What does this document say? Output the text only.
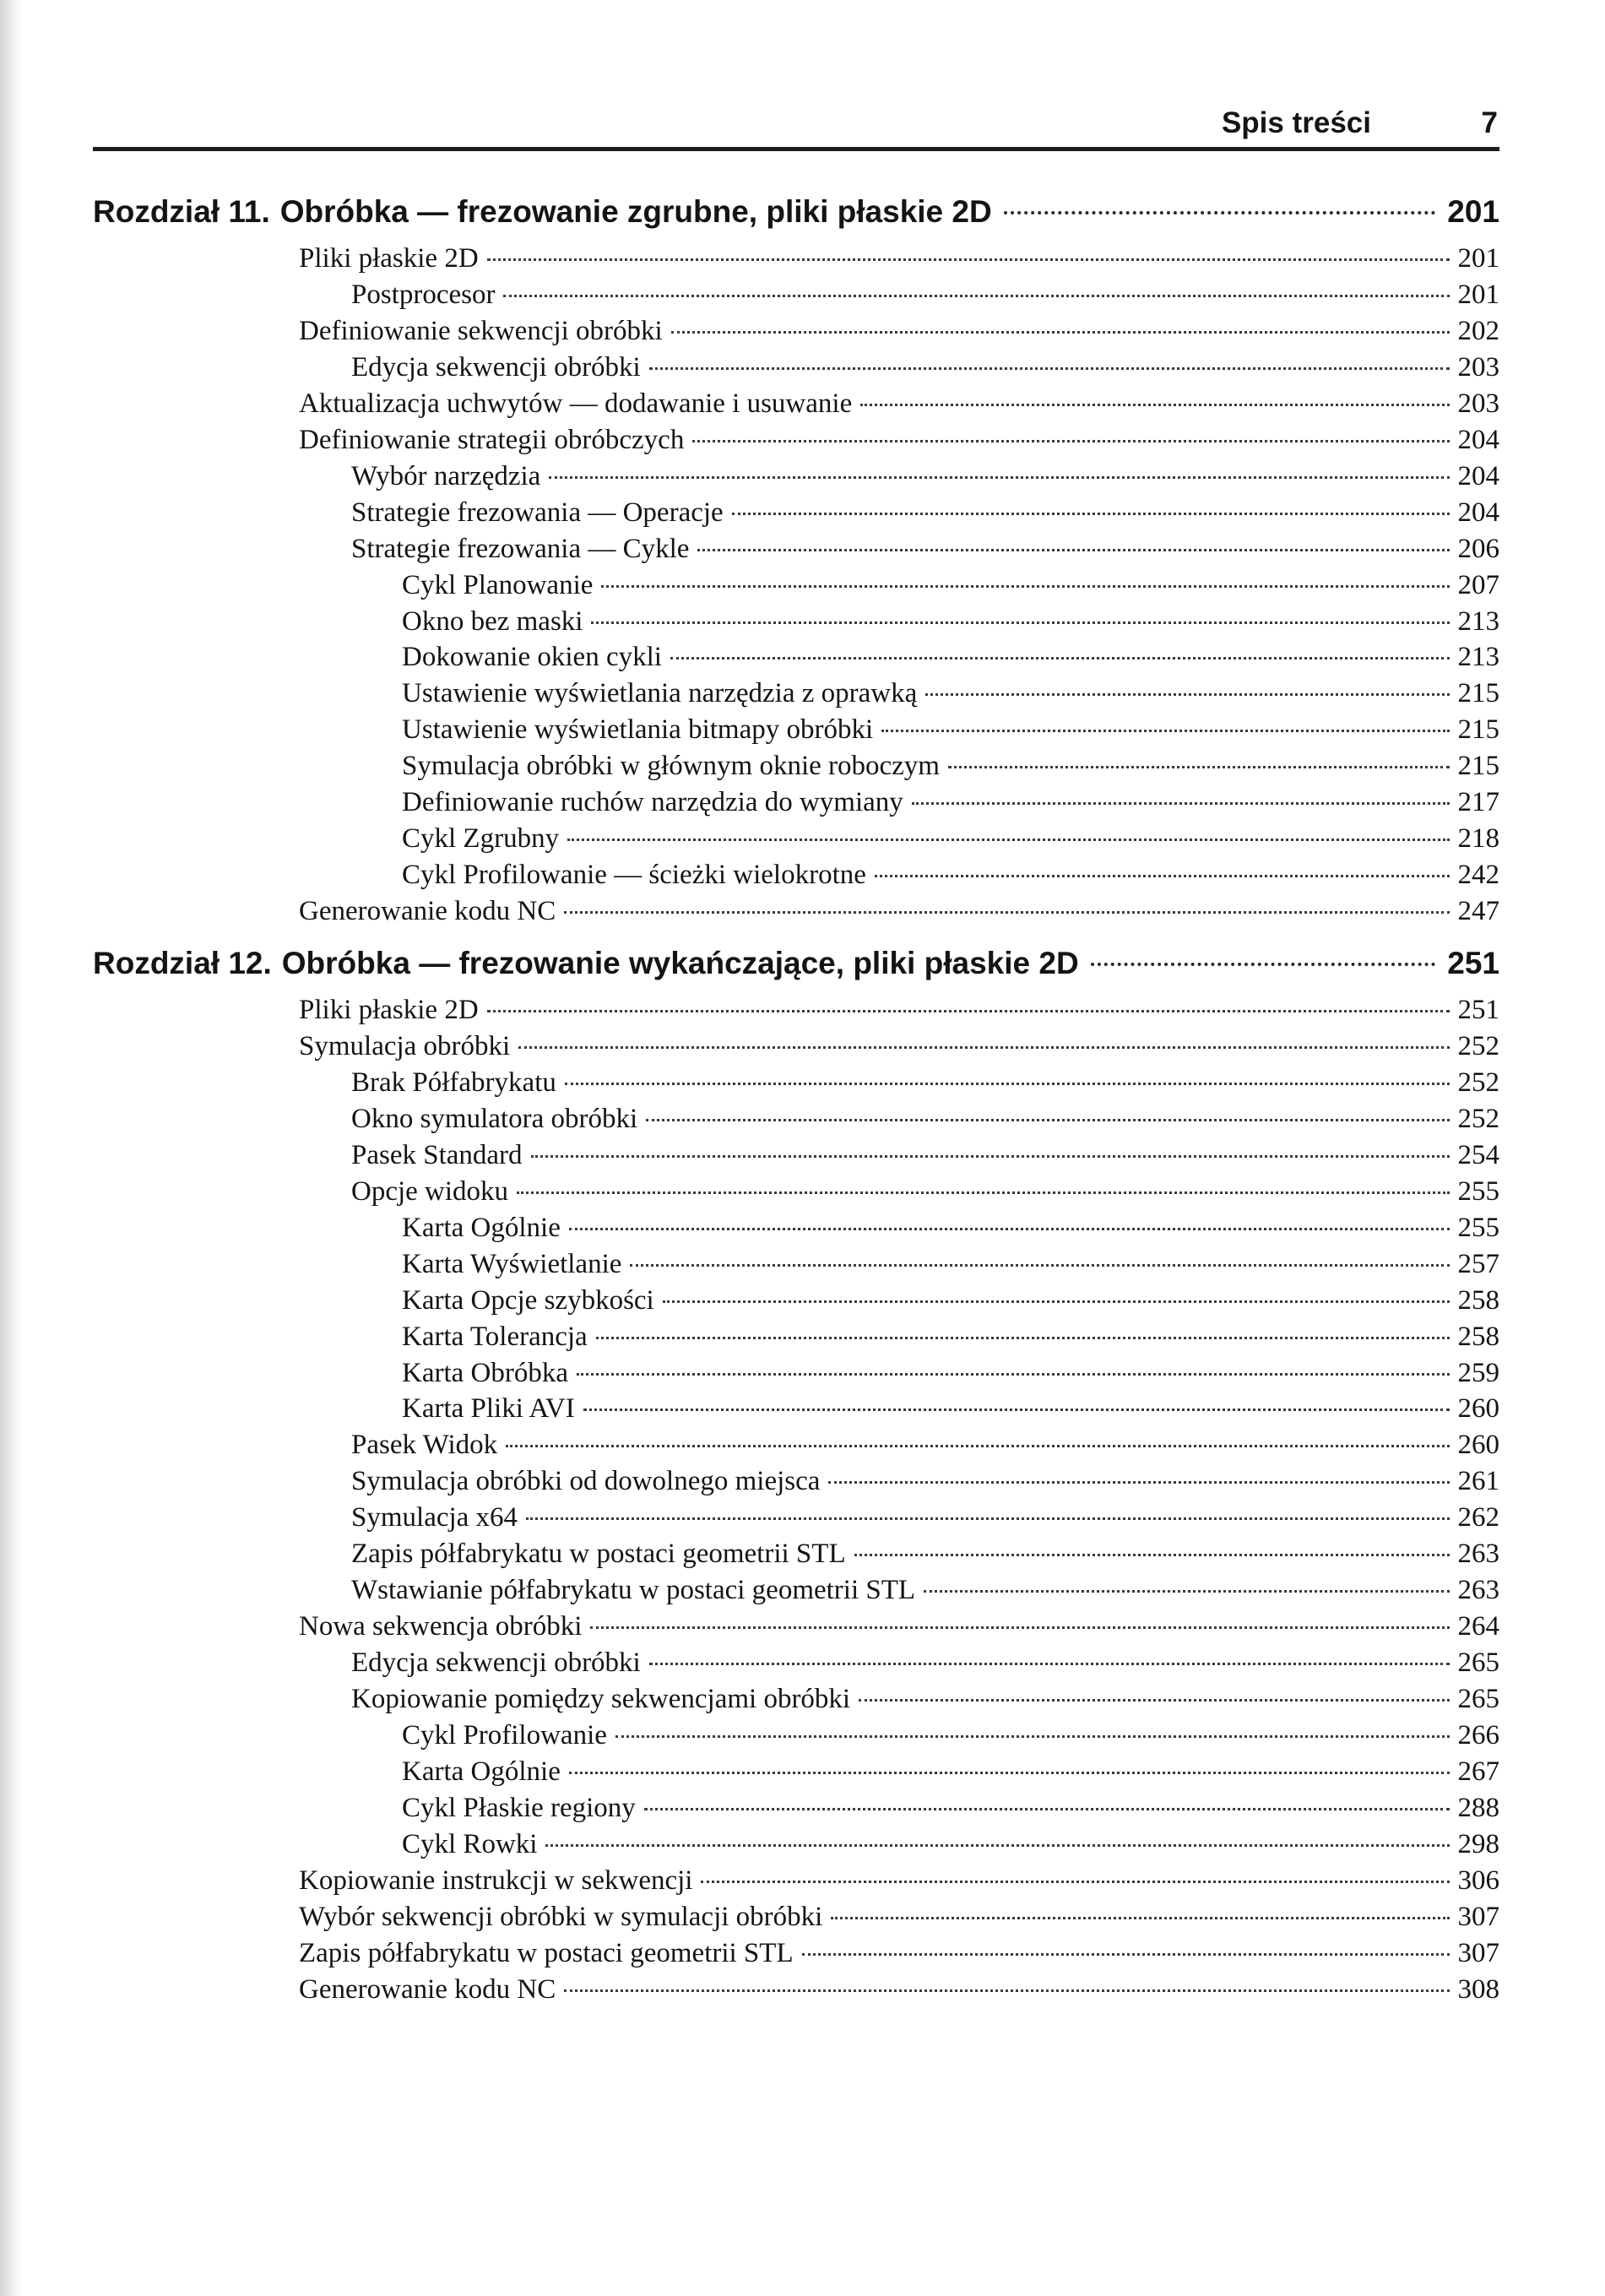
Spis treści	7
Rozdział 11. Obróbka — frezowanie zgrubne, pliki płaskie 2D	201
Pliki płaskie 2D	201
Postprocesor	201
Definiowanie sekwencji obróbki	202
Edycja sekwencji obróbki	203
Aktualizacja uchwytów — dodawanie i usuwanie	203
Definiowanie strategii obróbczych	204
Wybór narzędzia	204
Strategie frezowania — Operacje	204
Strategie frezowania — Cykle	206
Cykl Planowanie	207
Okno bez maski	213
Dokowanie okien cykli	213
Ustawienie wyświetlania narzędzia z oprawką	215
Ustawienie wyświetlania bitmapy obróbki	215
Symulacja obróbki w głównym oknie roboczym	215
Definiowanie ruchów narzędzia do wymiany	217
Cykl Zgrubny	218
Cykl Profilowanie — ścieżki wielokrotne	242
Generowanie kodu NC	247
Rozdział 12. Obróbka — frezowanie wykańczające, pliki płaskie 2D	251
Pliki płaskie 2D	251
Symulacja obróbki	252
Brak Półfabrykatu	252
Okno symulatora obróbki	252
Pasek Standard	254
Opcje widoku	255
Karta Ogólnie	255
Karta Wyświetlanie	257
Karta Opcje szybkości	258
Karta Tolerancja	258
Karta Obróbka	259
Karta Pliki AVI	260
Pasek Widok	260
Symulacja obróbki od dowolnego miejsca	261
Symulacja x64	262
Zapis półfabrykatu w postaci geometrii STL	263
Wstawianie półfabrykatu w postaci geometrii STL	263
Nowa sekwencja obróbki	264
Edycja sekwencji obróbki	265
Kopiowanie pomiędzy sekwencjami obróbki	265
Cykl Profilowanie	266
Karta Ogólnie	267
Cykl Płaskie regiony	288
Cykl Rowki	298
Kopiowanie instrukcji w sekwencji	306
Wybór sekwencji obróbki w symulacji obróbki	307
Zapis półfabrykatu w postaci geometrii STL	307
Generowanie kodu NC	308
